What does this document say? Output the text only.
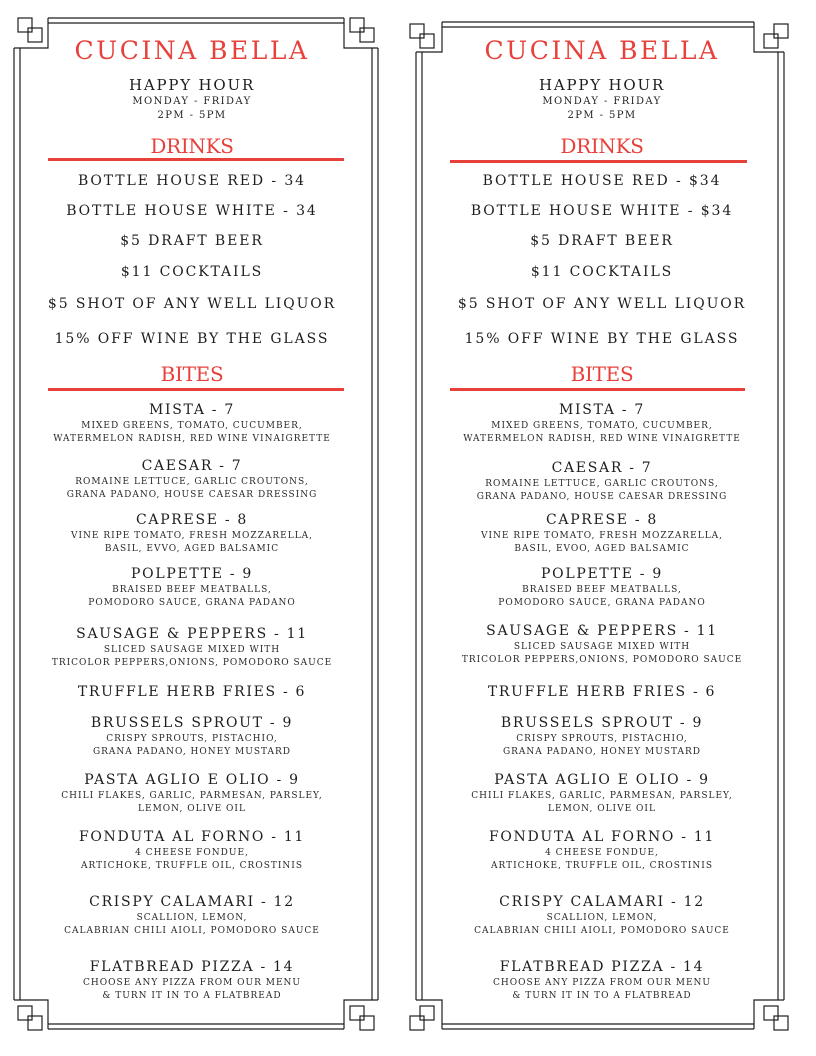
CUCINA BELLA
HAPPY HOUR
MONDAY - FRIDAY
2PM - 5PM
DRINKS
BOTTLE HOUSE RED - 34
BOTTLE HOUSE WHITE - 34
$5 DRAFT BEER
$11 COCKTAILS
$5 SHOT OF ANY WELL LIQUOR
15% OFF WINE BY THE GLASS
BITES
MISTA - 7
MIXED GREENS, TOMATO, CUCUMBER,
WATERMELON RADISH, RED WINE VINAIGRETTE
CAESAR - 7
ROMAINE LETTUCE, GARLIC CROUTONS,
GRANA PADANO, HOUSE CAESAR DRESSING
CAPRESE - 8
VINE RIPE TOMATO, FRESH MOZZARELLA,
BASIL, EVVO, AGED BALSAMIC
POLPETTE - 9
BRAISED BEEF MEATBALLS,
POMODORO SAUCE, GRANA PADANO
SAUSAGE & PEPPERS - 11
SLICED SAUSAGE MIXED WITH
TRICOLOR PEPPERS,ONIONS, POMODORO SAUCE
TRUFFLE HERB FRIES - 6
BRUSSELS SPROUT - 9
CRISPY SPROUTS, PISTACHIO,
GRANA PADANO, HONEY MUSTARD
PASTA AGLIO E OLIO - 9
CHILI FLAKES, GARLIC, PARMESAN, PARSLEY,
LEMON, OLIVE OIL
FONDUTA AL FORNO - 11
4 CHEESE FONDUE,
ARTICHOKE, TRUFFLE OIL, CROSTINIS
CRISPY CALAMARI - 12
SCALLION, LEMON,
CALABRIAN CHILI AIOLI, POMODORO SAUCE
FLATBREAD PIZZA - 14
CHOOSE ANY PIZZA FROM OUR MENU
& TURN IT IN TO A FLATBREAD
CUCINA BELLA
HAPPY HOUR
MONDAY - FRIDAY
2PM - 5PM
DRINKS
BOTTLE HOUSE RED - $34
BOTTLE HOUSE WHITE - $34
$5 DRAFT BEER
$11 COCKTAILS
$5 SHOT OF ANY WELL LIQUOR
15% OFF WINE BY THE GLASS
BITES
MISTA - 7
MIXED GREENS, TOMATO, CUCUMBER,
WATERMELON RADISH, RED WINE VINAIGRETTE
CAESAR - 7
ROMAINE LETTUCE, GARLIC CROUTONS,
GRANA PADANO, HOUSE CAESAR DRESSING
CAPRESE - 8
VINE RIPE TOMATO, FRESH MOZZARELLA,
BASIL, EVOO, AGED BALSAMIC
POLPETTE - 9
BRAISED BEEF MEATBALLS,
POMODORO SAUCE, GRANA PADANO
SAUSAGE & PEPPERS - 11
SLICED SAUSAGE MIXED WITH
TRICOLOR PEPPERS,ONIONS, POMODORO SAUCE
TRUFFLE HERB FRIES - 6
BRUSSELS SPROUT - 9
CRISPY SPROUTS, PISTACHIO,
GRANA PADANO, HONEY MUSTARD
PASTA AGLIO E OLIO - 9
CHILI FLAKES, GARLIC, PARMESAN, PARSLEY,
LEMON, OLIVE OIL
FONDUTA AL FORNO - 11
4 CHEESE FONDUE,
ARTICHOKE, TRUFFLE OIL, CROSTINIS
CRISPY CALAMARI - 12
SCALLION, LEMON,
CALABRIAN CHILI AIOLI, POMODORO SAUCE
FLATBREAD PIZZA - 14
CHOOSE ANY PIZZA FROM OUR MENU
& TURN IT IN TO A FLATBREAD
